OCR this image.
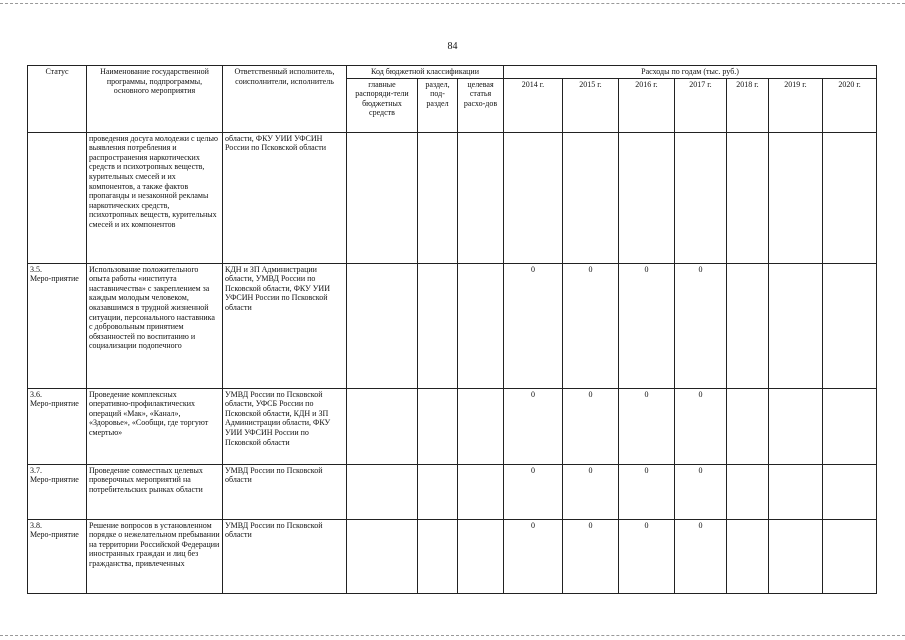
84
Статус	Наименование государственной программы, подпрограммы, основного мероприятия	Ответственный исполнитель, соисполнители, исполнитель	Код бюджетной классификации			Расходы по годам (тыс. руб.)						
			главные распоряди-тели бюджетных средств	раздел, под-раздел	целевая статья расхо-дов	2014 г.	2015 г.	2016 г.	2017 г.	2018 г.	2019 г.	2020 г.

	проведения досуга молодежи с целью выявления потребления и распространения наркотических средств и психотропных веществ, курительных смесей и их компонентов, а также фактов пропаганды и незаконной рекламы наркотических средств, психотропных веществ, курительных смесей и их компонентов	области, ФКУ УИИ УФСИН России по Псковской области										

3.5.
Меро-приятие	Использование положительного опыта работы «института наставничества» с закреплением за каждым молодым человеком, оказавшимся в трудной жизненной ситуации, персонального наставника с добровольным принятием обязанностей по воспитанию и социализации подопечного	КДН и ЗП Администрации области, УМВД России по Псковской области, ФКУ УИИ УФСИН России по Псковской области				0	0	0	0			

3.6.
Меро-приятие	Проведение комплексных оперативно-профилактических операций «Мак», «Канал», «Здоровье», «Сообщи, где торгуют смертью»	УМВД России по Псковской области, УФСБ России по Псковской области, КДН и ЗП Администрации области, ФКУ УИИ УФСИН России по Псковской области				0	0	0	0			

3.7.
Меро-приятие	Проведение совместных целевых проверочных мероприятий на потребительских рынках области	УМВД России по Псковской области				0	0	0	0			

3.8.
Меро-приятие	Решение вопросов в установленном порядке о нежелательном пребывании на территории Российской Федерации иностранных граждан и лиц без гражданства, привлеченных	УМВД России по Псковской области				0	0	0	0			
